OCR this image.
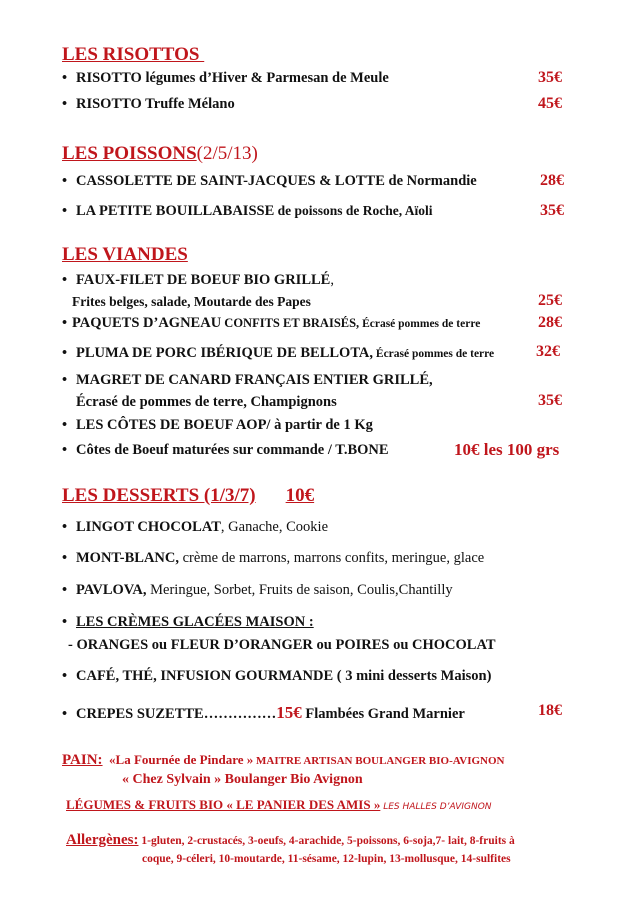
LES RISOTTOS
• RISOTTO légumes d’Hiver & Parmesan de Meule	35€
• RISOTTO Truffe Mélano	45€
LES POISSONS(2/5/13)
• CASSOLETTE DE SAINT-JACQUES & LOTTE de Normandie	28€
• LA PETITE BOUILLABAISSE de poissons de Roche, Aïoli	35€
LES VIANDES
• FAUX-FILET DE BOEUF BIO GRILLÉ,
Frites belges, salade, Moutarde des Papes	25€
• PAQUETS D’AGNEAU CONFITS ET BRAISÉS, Écrasé pommes de terre	28€
• PLUMA DE PORC IBÉRIQUE DE BELLOTA, Écrasé pommes de terre	32€
• MAGRET DE CANARD FRANÇAIS ENTIER GRILLÉ,
Écrasé de pommes de terre, Champignons	35€
• LES CÔTES DE BOEUF AOP/ à partir de 1 Kg
• Côtes de Boeuf maturées sur commande / T.BONE	10€ les 100 grs
LES DESSERTS (1/3/7) 10€
• LINGOT CHOCOLAT, Ganache, Cookie
• MONT-BLANC, crème de marrons, marrons confits, meringue, glace
• PAVLOVA, Meringue, Sorbet, Fruits de saison, Coulis,Chantilly
• LES CRÈMES GLACÉES MAISON :
- ORANGES ou FLEUR D’ORANGER ou POIRES ou CHOCOLAT
• CAFÉ, THÉ, INFUSION GOURMANDE ( 3 mini desserts Maison)
• CREPES SUZETTE……………15€ Flambées Grand Marnier	18€
PAIN: «La Fournée de Pindare » MAITRE ARTISAN BOULANGER BIO-AVIGNON
« Chez Sylvain » Boulanger Bio Avignon
LÉGUMES & FRUITS BIO « LE PANIER DES AMIS » LES HALLES D’AVIGNON
Allergènes: 1-gluten, 2-crustacés, 3-oeufs, 4-arachide, 5-poissons, 6-soja,7- lait, 8-fruits à
coque, 9-céleri, 10-moutarde, 11-sésame, 12-lupin, 13-mollusque, 14-sulfites
